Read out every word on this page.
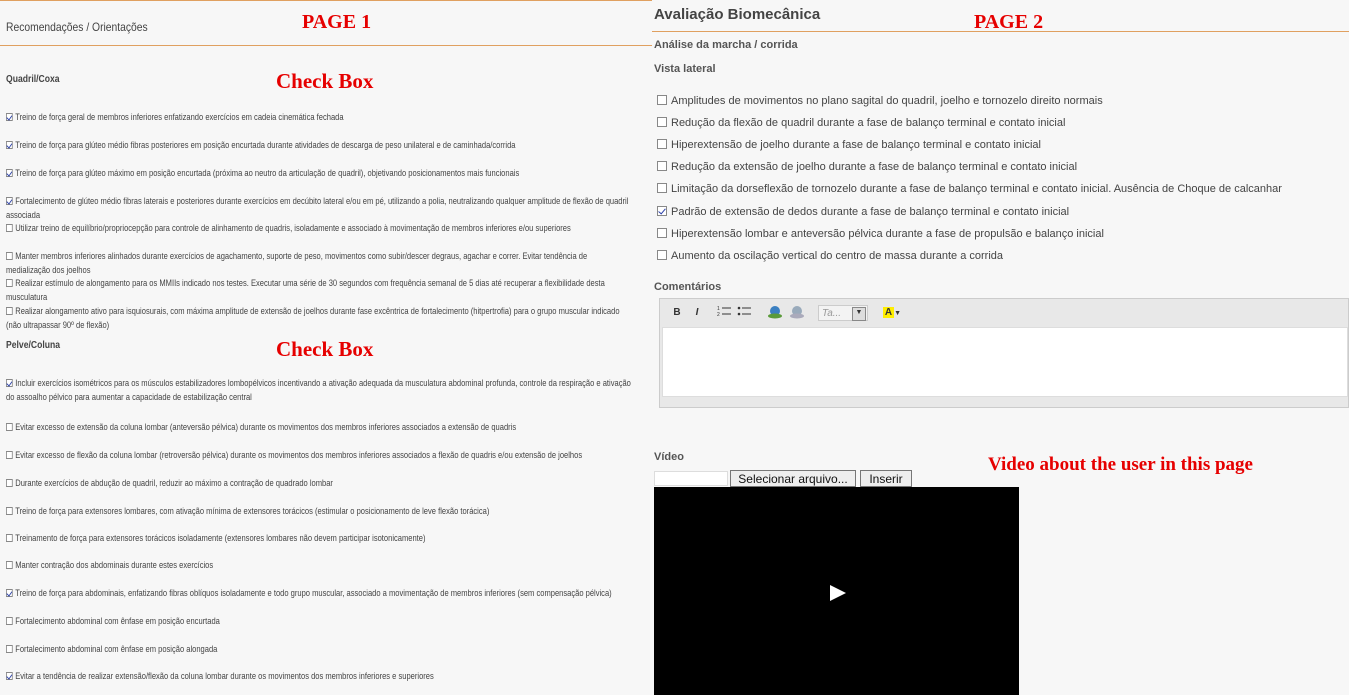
Recomendações / Orientações
Quadril/Coxa
Treino de força geral de membros inferiores enfatizando exercícios em cadeia cinemática fechada
Treino de força para glúteo médio fibras posteriores em posição encurtada durante atividades de descarga de peso unilateral e de caminhada/corrida
Treino de força para glúteo máximo em posição encurtada (próxima ao neutro da articulação de quadril), objetivando posicionamentos mais funcionais
Fortalecimento de glúteo médio fibras laterais e posteriores durante exercícios em decúbito lateral e/ou em pé, utilizando a polia, neutralizando qualquer amplitude de flexão de quadril associada
Utilizar treino de equilíbrio/propriocepção para controle de alinhamento de quadris, isoladamente e associado à movimentação de membros inferiores e/ou superiores
Manter membros inferiores alinhados durante exercícios de agachamento, suporte de peso, movimentos como subir/descer degraus, agachar e correr. Evitar tendência de medialização dos joelhos
Realizar estímulo de alongamento para os MMIIs indicado nos testes. Executar uma série de 30 segundos com frequência semanal de 5 dias até recuperar a flexibilidade desta musculatura
Realizar alongamento ativo para isquiosurais, com máxima amplitude de extensão de joelhos durante fase excêntrica de fortalecimento (hitpertrofia) para o grupo muscular indicado (não ultrapassar 90º de flexão)
Pelve/Coluna
Incluir exercícios isométricos para os músculos estabilizadores lombopélvicos incentivando a ativação adequada da musculatura abdominal profunda, controle da respiração e ativação do assoalho pélvico para aumentar a capacidade de estabilização central
Evitar excesso de extensão da coluna lombar (anteversão pélvica) durante os movimentos dos membros inferiores associados a extensão de quadris
Evitar excesso de flexão da coluna lombar (retroversão pélvica) durante os movimentos dos membros inferiores associados a flexão de quadris e/ou extensão de joelhos
Durante exercícios de abdução de quadril, reduzir ao máximo a contração de quadrado lombar
Treino de força para extensores lombares, com ativação mínima de extensores torácicos (estimular o posicionamento de leve flexão torácica)
Treinamento de força para extensores torácicos isoladamente (extensores lombares não devem participar isotonicamente)
Manter contração dos abdominais durante estes exercícios
Treino de força para abdominais, enfatizando fibras oblíquos isoladamente e todo grupo muscular, associado a movimentação de membros inferiores (sem compensação pélvica)
Fortalecimento abdominal com ênfase em posição encurtada
Fortalecimento abdominal com ênfase em posição alongada
Evitar a tendência de realizar extensão/flexão da coluna lombar durante os movimentos dos membros inferiores e superiores
Avaliação Biomecânica
Análise da marcha / corrida
Vista lateral
Amplitudes de movimentos no plano sagital do quadril, joelho e tornozelo direito normais
Redução da flexão de quadril durante a fase de balanço terminal e contato inicial
Hiperextensão de joelho durante a fase de balanço terminal e contato inicial
Redução da extensão de joelho durante a fase de balanço terminal e contato inicial
Limitação da dorseflexão de tornozelo durante a fase de balanço terminal e contato inicial. Ausência de Choque de calcanhar
Padrão de extensão de dedos durante a fase de balanço terminal e contato inicial
Hiperextensão lombar e anteversão pélvica durante a fase de propulsão e balanço inicial
Aumento da oscilação vertical do centro de massa durante a corrida
Comentários
B	I	1
2	Ta...	▼	A ▼
Vídeo
Selecionar arquivo...	Inserir
PAGE 1	PAGE 2
Check Box
Check Box
Video about the user in this page
